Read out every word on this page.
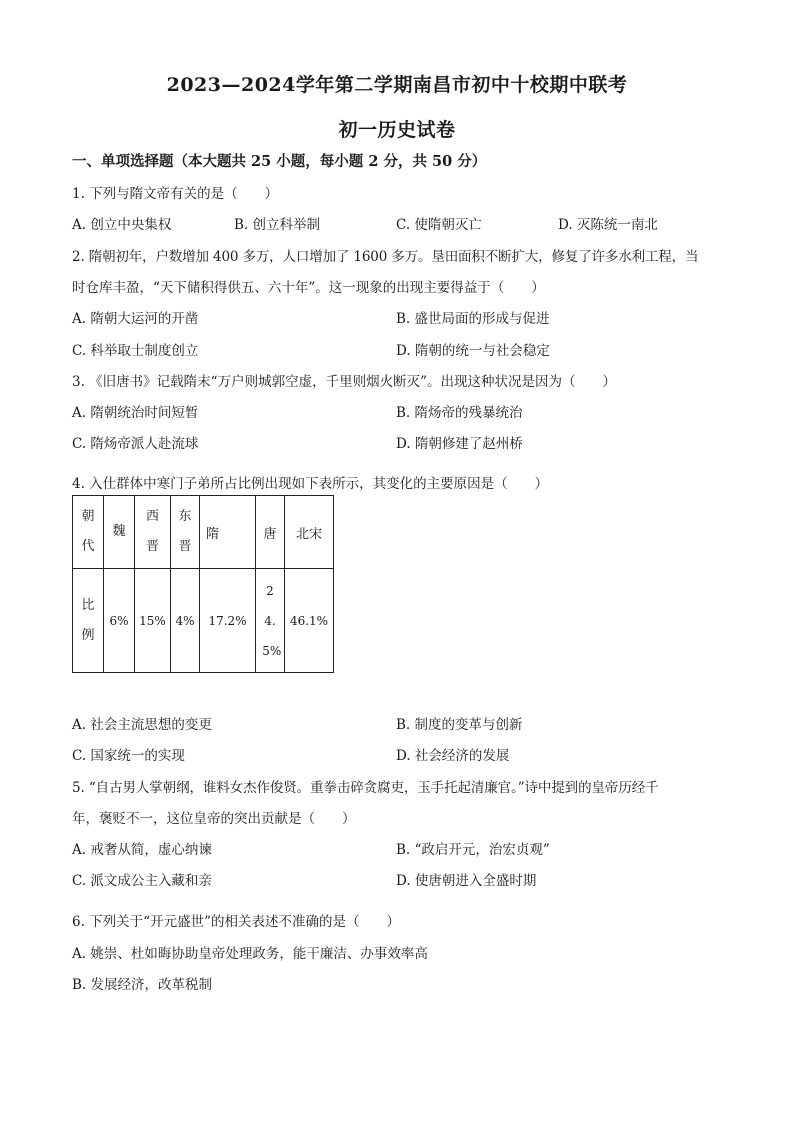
2023—2024学年第二学期南昌市初中十校期中联考
初一历史试卷
一、单项选择题（本大题共 25 小题，每小题 2 分，共 50 分）
1. 下列与隋文帝有关的是（　　）
A. 创立中央集权	B. 创立科举制	C. 使隋朝灭亡	D. 灭陈统一南北
2. 隋朝初年，户数增加 400 多万，人口增加了 1600 多万。垦田面积不断扩大，修复了许多水利工程，当
时仓库丰盈，“天下储积得供五、六十年”。这一现象的出现主要得益于（　　）
A. 隋朝大运河的开凿	B. 盛世局面的形成与促进
C. 科举取士制度创立	D. 隋朝的统一与社会稳定
3. 《旧唐书》记载隋末“万户则城郭空虚，千里则烟火断灭”。出现这种状况是因为（　　）
A. 隋朝统治时间短暂	B. 隋炀帝的残暴统治
C. 隋炀帝派人赴流球	D. 隋朝修建了赵州桥
4. 入仕群体中寒门子弟所占比例出现如下表所示，其变化的主要原因是（　　）
朝代	魏	西晋	东晋	隋	唐	北宋
比例	6%	15%	4%	17.2%	24.5%	46.1%
A. 社会主流思想的变更	B. 制度的变革与创新
C. 国家统一的实现	D. 社会经济的发展
5. “自古男人掌朝纲，谁料女杰作俊贤。重拳击碎贪腐吏，玉手托起清廉官。”诗中提到的皇帝历经千
年，褒贬不一，这位皇帝的突出贡献是（　　）
A. 戒奢从简，虚心纳谏	B. “政启开元，治宏贞观”
C. 派文成公主入藏和亲	D. 使唐朝进入全盛时期
6. 下列关于“开元盛世”的相关表述不准确的是（　　）
A. 姚崇、杜如晦协助皇帝处理政务，能干廉洁、办事效率高
B. 发展经济，改革税制
